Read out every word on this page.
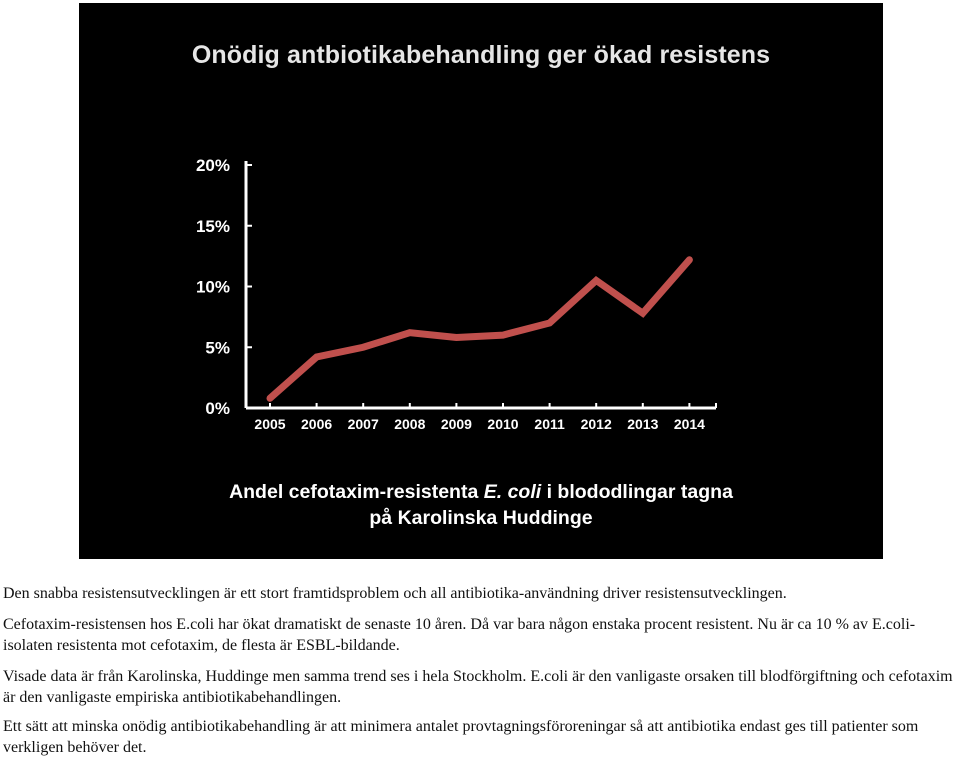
Onödig antbiotikabehandling ger ökad resistens
0%
5%
10%
15%
20%
2005 2006 2007 2008 2009 2010 2011 2012 2013 2014
Andel cefotaxim-resistenta E. coli i blododlingar tagna
på Karolinska Huddinge

Den snabba resistensutvecklingen är ett stort framtidsproblem och all antibiotika-användning driver resistensutvecklingen.

Cefotaxim-resistensen hos E.coli har ökat dramatiskt de senaste 10 åren. Då var bara någon enstaka procent resistent. Nu är ca 10 % av E.coli-isolaten resistenta mot cefotaxim, de flesta är ESBL-bildande.

Visade data är från Karolinska, Huddinge men samma trend ses i hela Stockholm. E.coli är den vanligaste orsaken till blodförgiftning och cefotaxim är den vanligaste empiriska antibiotikabehandlingen.

Ett sätt att minska onödig antibiotikabehandling är att minimera antalet provtagningsföroreningar så att antibiotika endast ges till patienter som verkligen behöver det.
